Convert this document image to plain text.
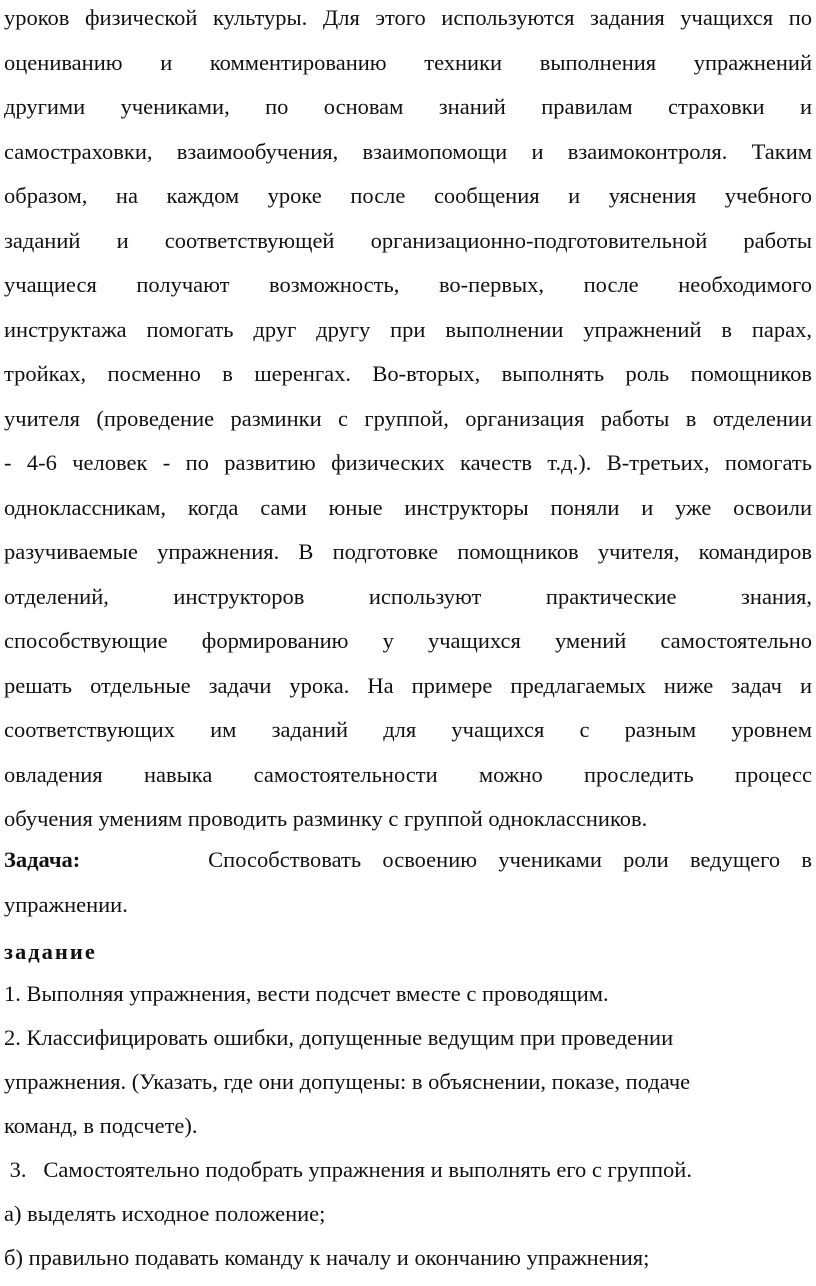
уроков физической культуры. Для этого используются задания учащихся по
оцениванию и комментированию техники выполнения упражнений
другими учениками, по основам знаний правилам страховки и
самостраховки, взаимообучения, взаимопомощи и взаимоконтроля. Таким
образом, на каждом уроке после сообщения и уяснения учебного
заданий и соответствующей организационно-подготовительной работы
учащиеся получают возможность, во-первых, после необходимого
инструктажа помогать друг другу при выполнении упражнений в парах,
тройках, посменно в шеренгах. Во-вторых, выполнять роль помощников
учителя (проведение разминки с группой, организация работы в отделении
- 4-6 человек - по развитию физических качеств т.д.). В-третьих, помогать
одноклассникам, когда сами юные инструкторы поняли и уже освоили
разучиваемые упражнения. В подготовке помощников учителя, командиров
отделений, инструкторов используют практические знания,
способствующие формированию у учащихся умений самостоятельно
решать отдельные задачи урока. На примере предлагаемых ниже задач и
соответствующих им заданий для учащихся с разным уровнем
овладения навыка самостоятельности можно проследить процесс
обучения умениям проводить разминку с группой одноклассников.

Задача:	Способствовать освоению учениками роли ведущего в
упражнении.

задание

1. Выполняя упражнения, вести подсчет вместе с проводящим.

2. Классифицировать ошибки, допущенные ведущим при проведении

упражнения. (Указать, где они допущены: в объяснении, показе, подаче

команд, в подсчете).

3.   Самостоятельно подобрать упражнения и выполнять его с группой.

а) выделять исходное положение;

б) правильно подавать команду к началу и окончанию упражнения;
